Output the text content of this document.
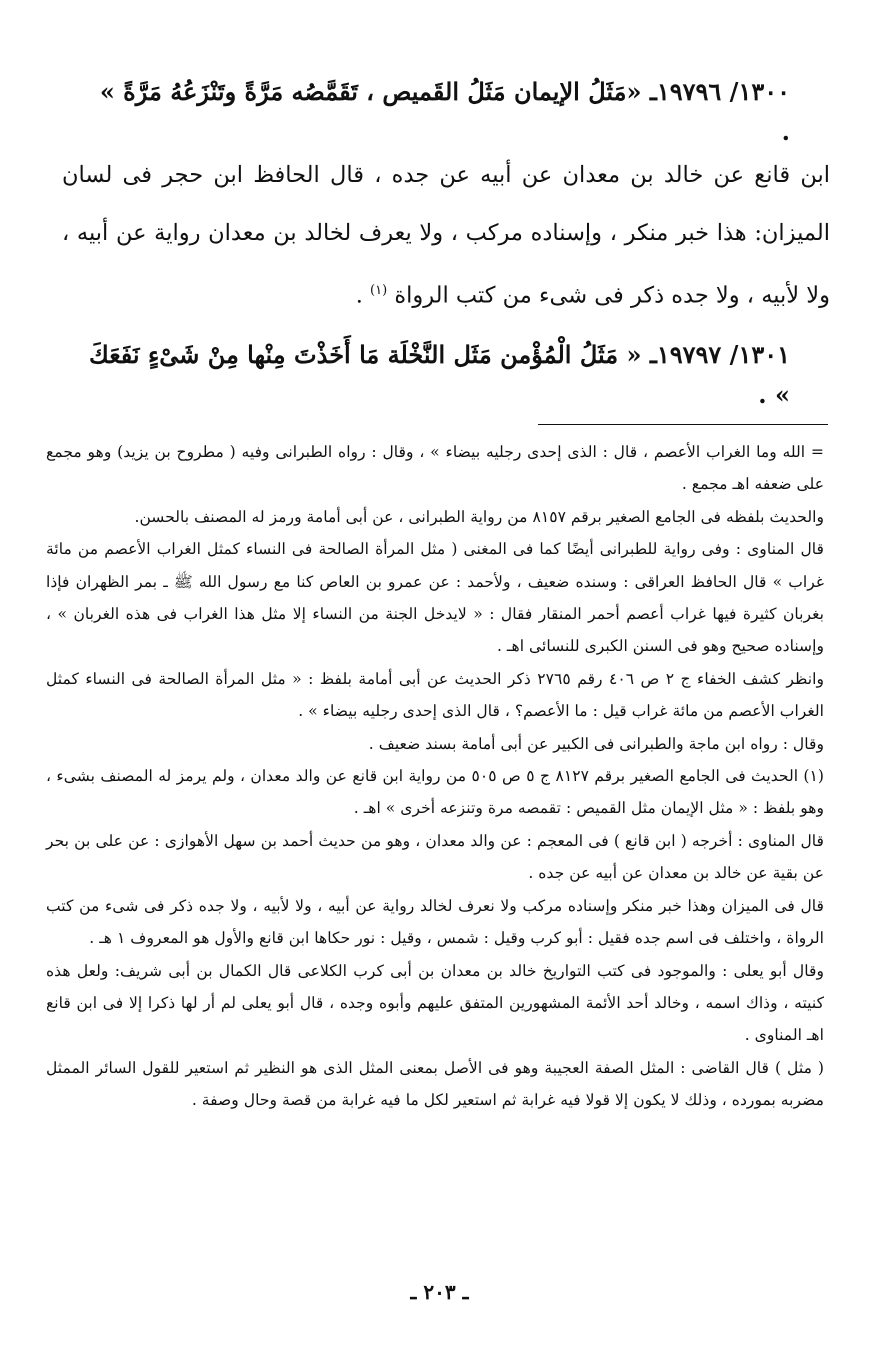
١٣٠٠/ ١٩٧٩٦ـ «مَثَلُ الإيمان مَثَلُ القَميص ، تَقَمَّصُه مَرَّةً وتَنْزَعُهُ مَرَّةً » .
ابن قانع عن خالد بن معدان عن أبيه عن جده ، قال الحافظ ابن حجر فى لسان الميزان: هذا خبر منكر ، وإسناده مركب ، ولا يعرف لخالد بن معدان رواية عن أبيه ، ولا لأبيه ، ولا جده ذكر فى شىء من كتب الرواة $^{(١)}$ .
١٣٠١/ ١٩٧٩٧ـ « مَثَلُ الْمُؤْمن مَثَل النَّخْلَة مَا أَخَذْتَ مِنْها مِنْ شَىْءٍ نَفَعَكَ » .

= الله وما الغراب الأعصم ، قال : الذى إحدى رجليه بيضاء » ، وقال : رواه الطبرانى وفيه ( مطروح بن يزيد) وهو مجمع على ضعفه اهـ مجمع .

والحديث بلفظه فى الجامع الصغير برقم ٨١٥٧ من رواية الطبرانى ، عن أبى أمامة ورمز له المصنف بالحسن.

قال المناوى : وفى رواية للطبرانى أيضًا كما فى المغنى ( مثل المرأة الصالحة فى النساء كمثل الغراب الأعصم من مائة غراب » قال الحافظ العراقى : وسنده ضعيف ، ولأحمد : عن عمرو بن العاص كنا مع رسول الله ﷺ ـ بمر الظهران فإذا بغربان كثيرة فيها غراب أعصم أحمر المنقار فقال : « لايدخل الجنة من النساء إلا مثل هذا الغراب فى هذه الغربان » ، وإسناده صحيح وهو فى السنن الكبرى للنسائى اهـ .

وانظر كشف الخفاء ج ٢ ص ٤٠٦ رقم ٢٧٦٥ ذكر الحديث عن أبى أمامة بلفظ : « مثل المرأة الصالحة فى النساء كمثل الغراب الأعصم من مائة غراب قيل : ما الأعصم؟ ، قال الذى إحدى رجليه بيضاء » .

وقال : رواه ابن ماجة والطبرانى فى الكبير عن أبى أمامة بسند ضعيف .

(١) الحديث فى الجامع الصغير برقم ٨١٢٧ ج ٥ ص ٥٠٥ من رواية ابن قانع عن والد معدان ، ولم يرمز له المصنف بشىء ، وهو بلفظ : « مثل الإيمان مثل القميص : تقمصه مرة وتنزعه أخرى » اهـ .

قال المناوى : أخرجه ( ابن قانع ) فى المعجم : عن والد معدان ، وهو من حديث أحمد بن سهل الأهوازى : عن على بن بحر عن بقية عن خالد بن معدان عن أبيه عن جده .

قال فى الميزان وهذا خبر منكر وإسناده مركب ولا نعرف لخالد رواية عن أبيه ، ولا لأبيه ، ولا جده ذكر فى شىء من كتب الرواة ، واختلف فى اسم جده فقيل : أبو كرب وقيل : شمس ، وقيل : نور حكاها ابن قانع والأول هو المعروف ١ هـ .

وقال أبو يعلى : والموجود فى كتب التواريخ خالد بن معدان بن أبى كرب الكلاعى قال الكمال بن أبى شريف: ولعل هذه كنيته ، وذاك اسمه ، وخالد أحد الأئمة المشهورين المتفق عليهم وأبوه وجده ، قال أبو يعلى لم أر لها ذكرا إلا فى ابن قانع اهـ المناوى .

( مثل ) قال القاضى : المثل الصفة العجيبة وهو فى الأصل بمعنى المثل الذى هو النظير ثم استعير للقول السائر الممثل مضربه بمورده ، وذلك لا يكون إلا قولا فيه غرابة ثم استعير لكل ما فيه غرابة من قصة وحال وصفة .

ـ ٢٠٣ ـ
